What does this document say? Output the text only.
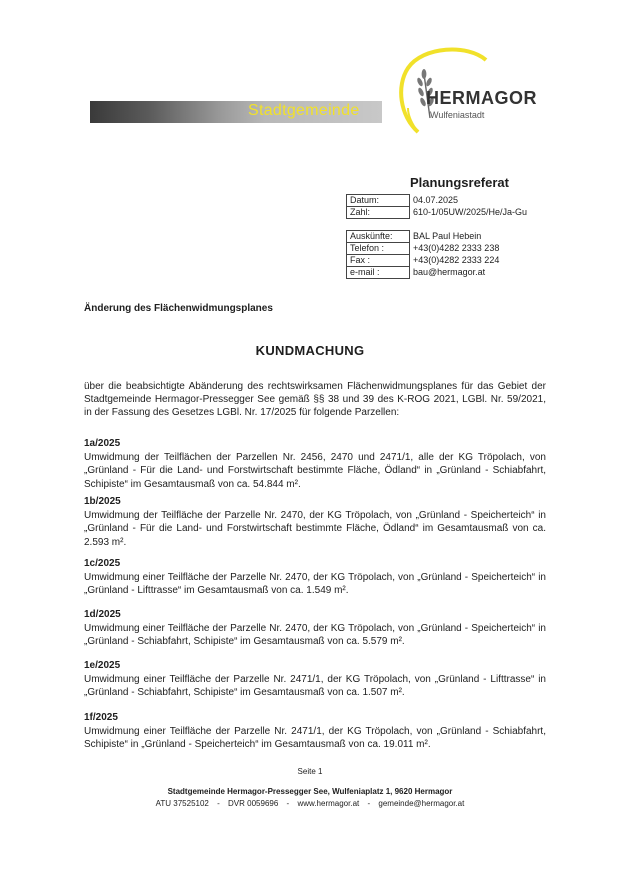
Stadtgemeinde
HERMAGOR
Wulfeniastadt
Planungsreferat
Datum:	04.07.2025
Zahl:	610-1/05UW/2025/He/Ja-Gu
Auskünfte:	BAL Paul Hebein
Telefon :	+43(0)4282 2333 238
Fax :	+43(0)4282 2333 224
e-mail :	bau@hermagor.at
Änderung des Flächenwidmungsplanes
KUNDMACHUNG
über die beabsichtigte Abänderung des rechtswirksamen Flächenwidmungsplanes für das Gebiet der Stadtgemeinde Hermagor-Pressegger See gemäß §§ 38 und 39 des K-ROG 2021, LGBl. Nr. 59/2021, in der Fassung des Gesetzes LGBl. Nr. 17/2025 für folgende Parzellen:
1a/2025
Umwidmung der Teilflächen der Parzellen Nr. 2456, 2470 und 2471/1, alle der KG Tröpolach, von „Grünland - Für die Land- und Forstwirtschaft bestimmte Fläche, Ödland“ in „Grünland - Schiabfahrt, Schipiste“ im Gesamtausmaß von ca. 54.844 m².
1b/2025
Umwidmung der Teilfläche der Parzelle Nr. 2470, der KG Tröpolach, von „Grünland - Speicherteich“ in „Grünland - Für die Land- und Forstwirtschaft bestimmte Fläche, Ödland“ im Gesamtausmaß von ca. 2.593 m².
1c/2025
Umwidmung einer Teilfläche der Parzelle Nr. 2470, der KG Tröpolach, von „Grünland - Speicherteich“ in „Grünland - Lifttrasse“ im Gesamtausmaß von ca. 1.549 m².
1d/2025
Umwidmung einer Teilfläche der Parzelle Nr. 2470, der KG Tröpolach, von „Grünland - Speicherteich“ in „Grünland - Schiabfahrt, Schipiste“ im Gesamtausmaß von ca. 5.579 m².
1e/2025
Umwidmung einer Teilfläche der Parzelle Nr. 2471/1, der KG Tröpolach, von „Grünland - Lifttrasse“ in „Grünland - Schiabfahrt, Schipiste“ im Gesamtausmaß von ca. 1.507 m².
1f/2025
Umwidmung einer Teilfläche der Parzelle Nr. 2471/1, der KG Tröpolach, von „Grünland - Schiabfahrt, Schipiste“ in „Grünland - Speicherteich“ im Gesamtausmaß von ca. 19.011 m².
Seite 1
Stadtgemeinde Hermagor-Pressegger See, Wulfeniaplatz 1, 9620 Hermagor
ATU 37525102 - DVR 0059696 - www.hermagor.at - gemeinde@hermagor.at
